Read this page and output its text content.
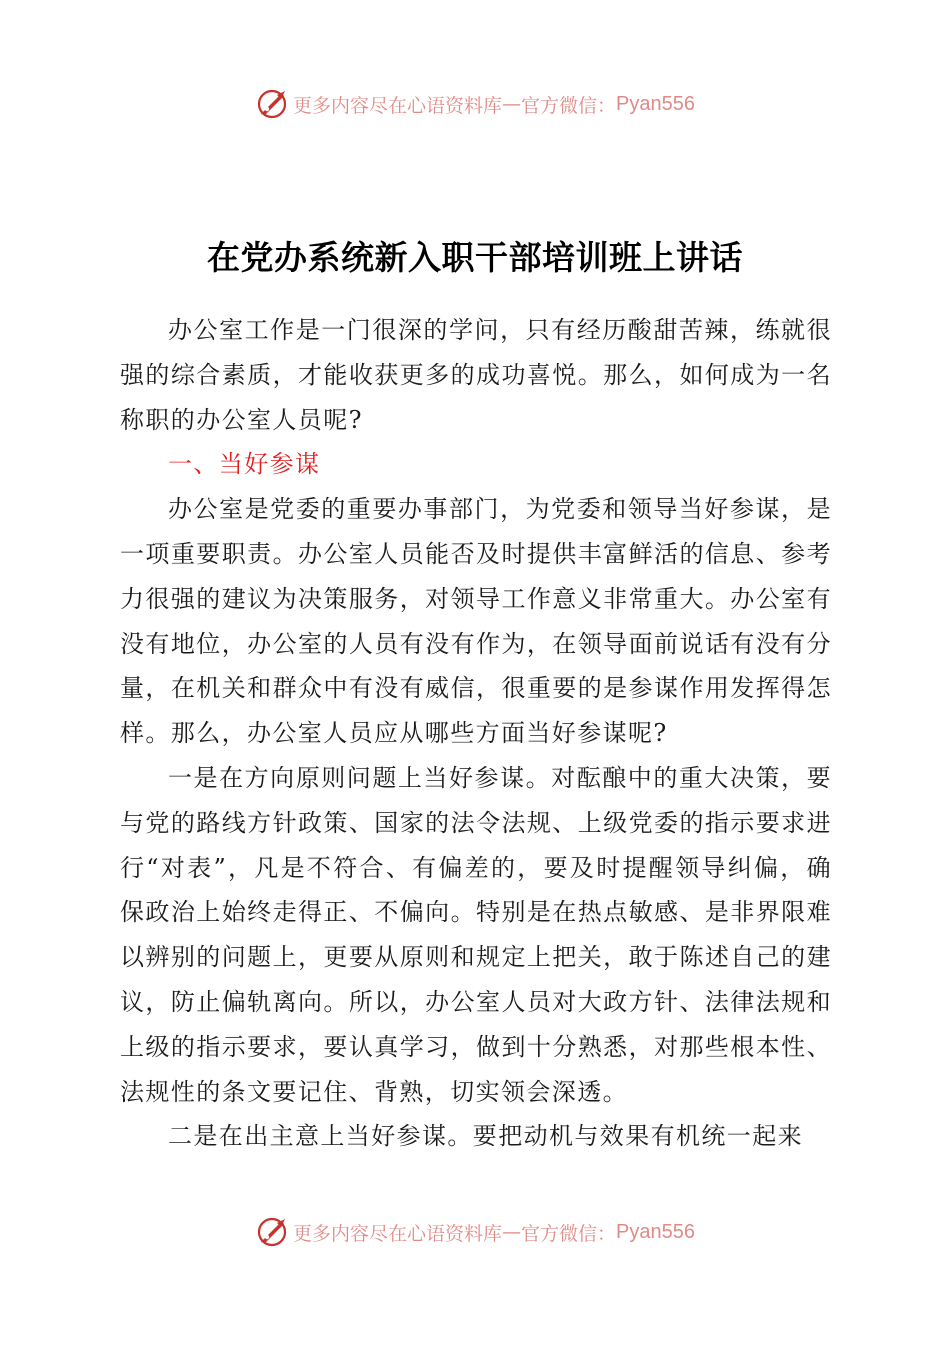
更多内容尽在心语资料库 — 官方微信： Pyan556
在党办系统新入职干部培训班上讲话

办公室工作是一门很深的学问，只有经历酸甜苦辣，练就很强的综合素质，才能收获更多的成功喜悦。那么，如何成为一名称职的办公室人员呢?

一、当好参谋

办公室是党委的重要办事部门，为党委和领导当好参谋，是一项重要职责。办公室人员能否及时提供丰富鲜活的信息、参考力很强的建议为决策服务，对领导工作意义非常重大。办公室有没有地位，办公室的人员有没有作为，在领导面前说话有没有分量，在机关和群众中有没有威信，很重要的是参谋作用发挥得怎样。那么，办公室人员应从哪些方面当好参谋呢?

一是在方向原则问题上当好参谋。对酝酿中的重大决策，要与党的路线方针政策、国家的法令法规、上级党委的指示要求进行“对表”，凡是不符合、有偏差的，要及时提醒领导纠偏，确保政治上始终走得正、不偏向。特别是在热点敏感、是非界限难以辨别的问题上，更要从原则和规定上把关，敢于陈述自己的建议，防止偏轨离向。所以，办公室人员对大政方针、法律法规和上级的指示要求，要认真学习，做到十分熟悉，对那些根本性、法规性的条文要记住、背熟，切实领会深透。

二是在出主意上当好参谋。要把动机与效果有机统一起来

更多内容尽在心语资料库 — 官方微信： Pyan556
